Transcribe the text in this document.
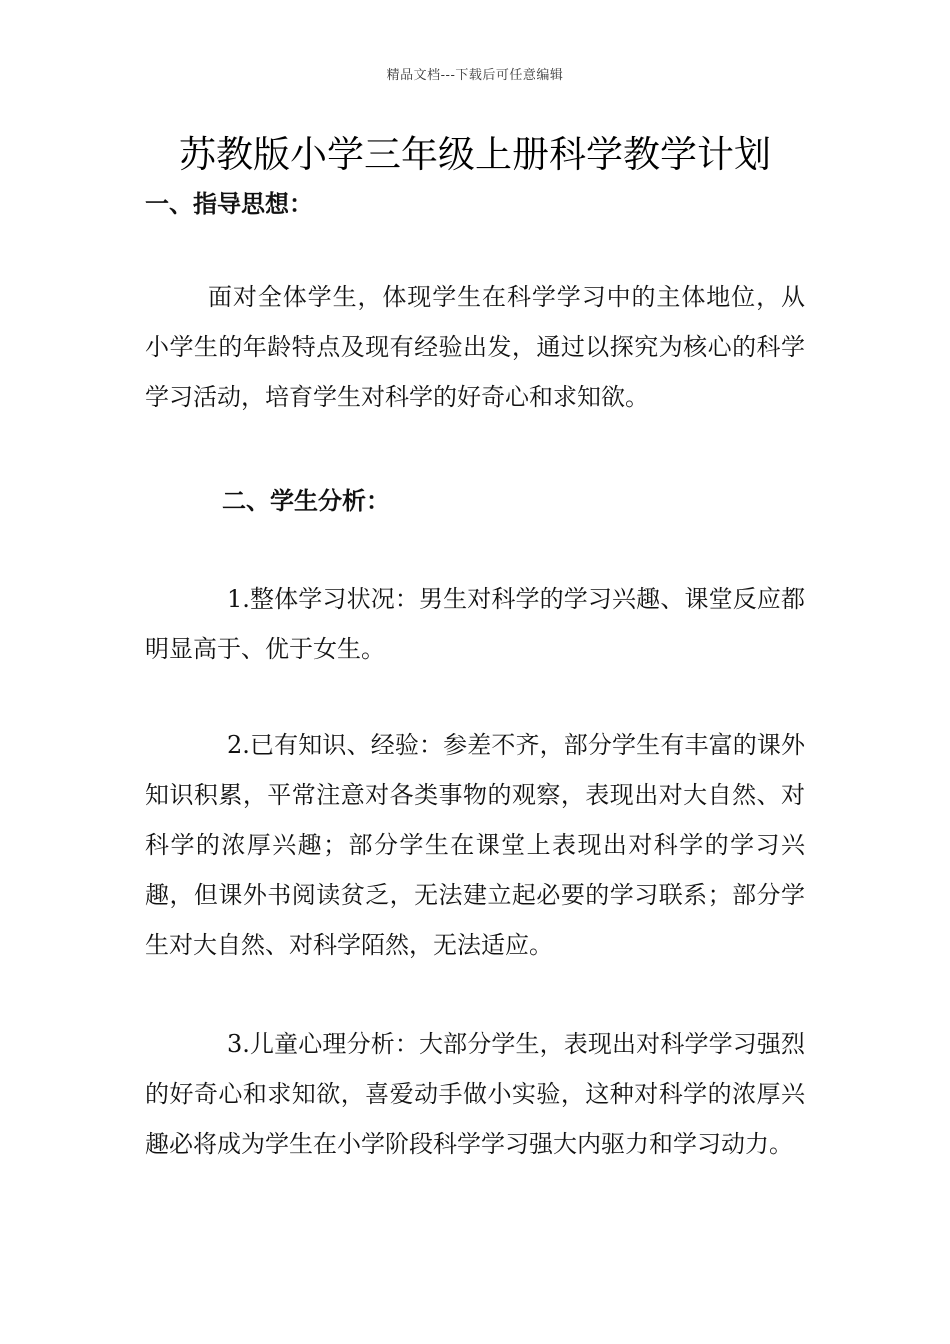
精品文档---下载后可任意编辑
苏教版小学三年级上册科学教学计划
一、指导思想：

面对全体学生，体现学生在科学学习中的主体地位，从小学生的年龄特点及现有经验出发，通过以探究为核心的科学学习活动，培育学生对科学的好奇心和求知欲。

二、学生分析：

1.整体学习状况：男生对科学的学习兴趣、课堂反应都明显高于、优于女生。

2.已有知识、经验：参差不齐，部分学生有丰富的课外知识积累，平常注意对各类事物的观察，表现出对大自然、对科学的浓厚兴趣；部分学生在课堂上表现出对科学的学习兴趣，但课外书阅读贫乏，无法建立起必要的学习联系；部分学生对大自然、对科学陌然，无法适应。

3.儿童心理分析：大部分学生，表现出对科学学习强烈的好奇心和求知欲，喜爱动手做小实验，这种对科学的浓厚兴趣必将成为学生在小学阶段科学学习强大内驱力和学习动力。
